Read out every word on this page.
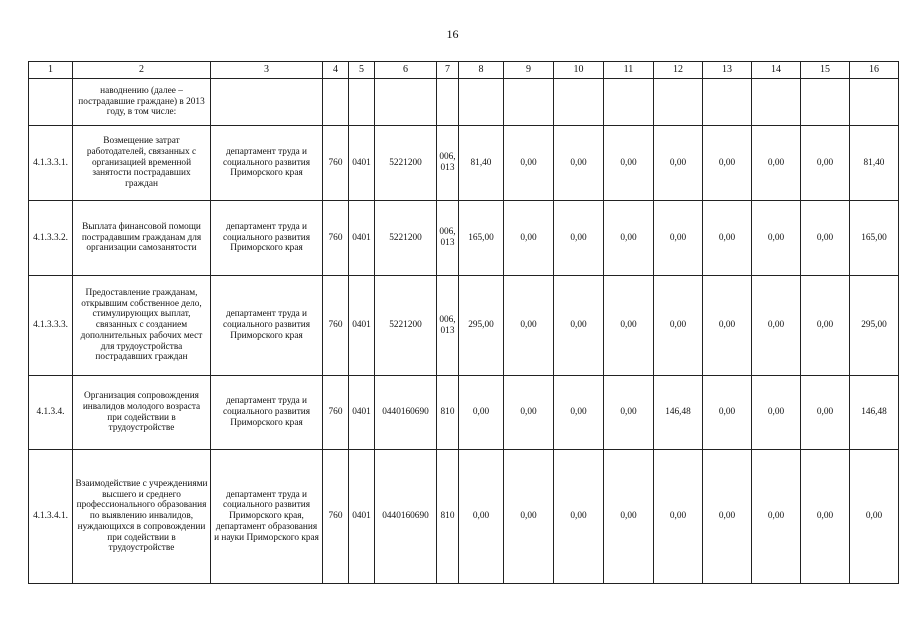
16
1	2	3	4	5	6	7	8	9	10	11	12	13	14	15	16
	наводнению (далее – пострадавшие граждане) в 2013 году, в том числе:														
4.1.3.3.1.	Возмещение затрат работодателей, связанных с организацией временной занятости пострадавших граждан	департамент труда и социального развития Приморского края	760	0401	5221200	006, 013	81,40	0,00	0,00	0,00	0,00	0,00	0,00	0,00	81,40
4.1.3.3.2.	Выплата финансовой помощи пострадавшим гражданам для организации самозанятости	департамент труда и социального развития Приморского края	760	0401	5221200	006, 013	165,00	0,00	0,00	0,00	0,00	0,00	0,00	0,00	165,00
4.1.3.3.3.	Предоставление гражданам, открывшим собственное дело, стимулирующих выплат, связанных с созданием дополнительных рабочих мест для трудоустройства пострадавших граждан	департамент труда и социального развития Приморского края	760	0401	5221200	006, 013	295,00	0,00	0,00	0,00	0,00	0,00	0,00	0,00	295,00
4.1.3.4.	Организация сопровождения инвалидов молодого возраста при содействии в трудоустройстве	департамент труда и социального развития Приморского края	760	0401	0440160690	810	0,00	0,00	0,00	0,00	146,48	0,00	0,00	0,00	146,48
4.1.3.4.1.	Взаимодействие с учреждениями высшего и среднего профессионального образования по выявлению инвалидов, нуждающихся в сопровождении при содействии в трудоустройстве	департамент труда и социального развития Приморского края, департамент образования и науки Приморского края	760	0401	0440160690	810	0,00	0,00	0,00	0,00	0,00	0,00	0,00	0,00	0,00
